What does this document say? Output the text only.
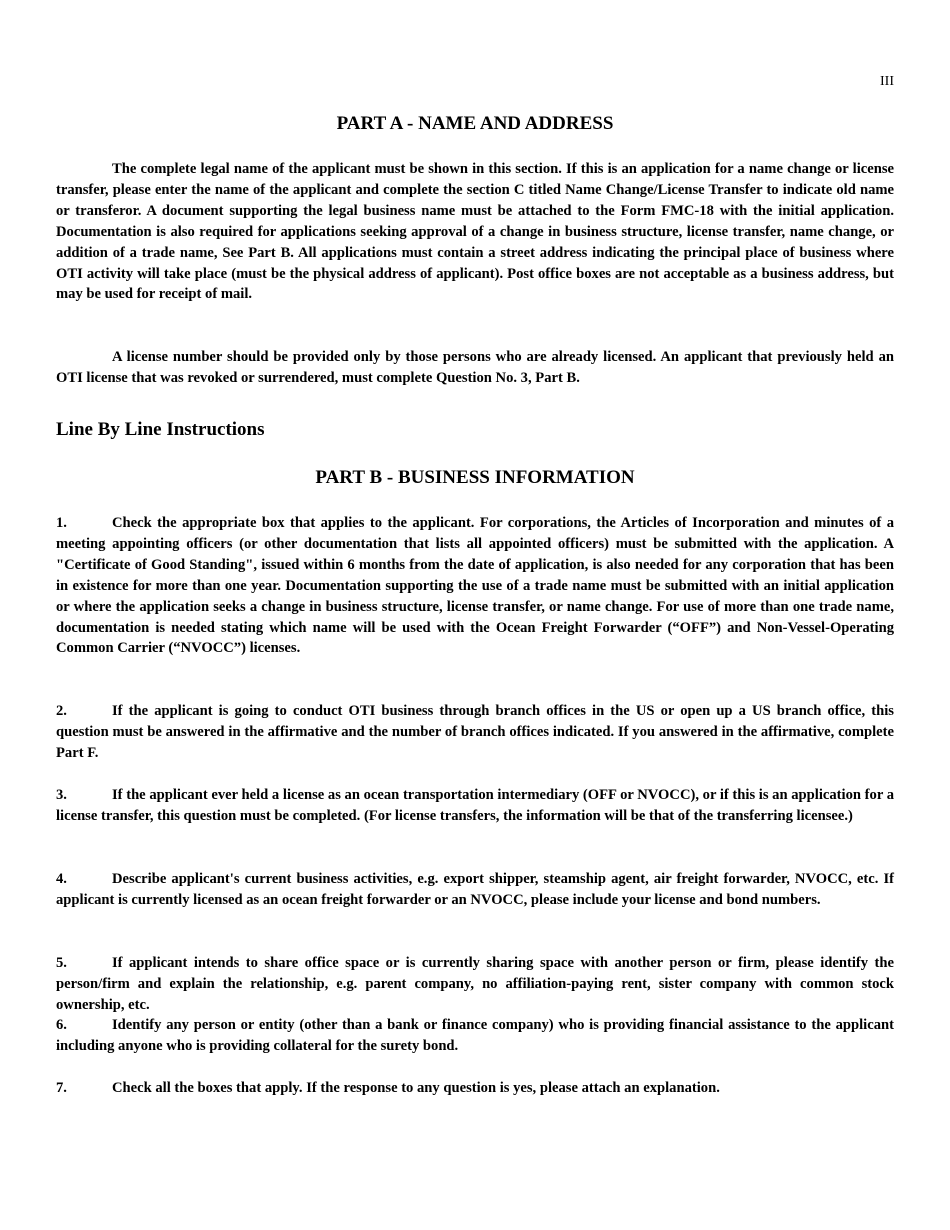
III
PART A - NAME AND ADDRESS

The complete legal name of the applicant must be shown in this section. If this is an application for a name change or license transfer, please enter the name of the applicant and complete the section C titled Name Change/License Transfer to indicate old name or transferor. A document supporting the legal business name must be attached to the Form FMC-18 with the initial application. Documentation is also required for applications seeking approval of a change in business structure, license transfer, name change, or addition of a trade name, See Part B. All applications must contain a street address indicating the principal place of business where OTI activity will take place (must be the physical address of applicant). Post office boxes are not acceptable as a business address, but may be used for receipt of mail.

A license number should be provided only by those persons who are already licensed. An applicant that previously held an OTI license that was revoked or surrendered, must complete Question No. 3, Part B.

Line By Line Instructions
PART B - BUSINESS INFORMATION

1.	Check the appropriate box that applies to the applicant. For corporations, the Articles of Incorporation and minutes of a meeting appointing officers (or other documentation that lists all appointed officers) must be submitted with the application. A "Certificate of Good Standing", issued within 6 months from the date of application, is also needed for any corporation that has been in existence for more than one year. Documentation supporting the use of a trade name must be submitted with an initial application or where the application seeks a change in business structure, license transfer, or name change. For use of more than one trade name, documentation is needed stating which name will be used with the Ocean Freight Forwarder (“OFF”) and Non-Vessel-Operating Common Carrier (“NVOCC”) licenses.

2.	If the applicant is going to conduct OTI business through branch offices in the US or open up a US branch office, this question must be answered in the affirmative and the number of branch offices indicated. If you answered in the affirmative, complete Part F.

3.	If the applicant ever held a license as an ocean transportation intermediary (OFF or NVOCC), or if this is an application for a license transfer, this question must be completed. (For license transfers, the information will be that of the transferring licensee.)

4.	Describe applicant's current business activities, e.g. export shipper, steamship agent, air freight forwarder, NVOCC, etc. If applicant is currently licensed as an ocean freight forwarder or an NVOCC, please include your license and bond numbers.

5.	If applicant intends to share office space or is currently sharing space with another person or firm, please identify the person/firm and explain the relationship, e.g. parent company, no affiliation-paying rent, sister company with common stock ownership, etc.

6.	Identify any person or entity (other than a bank or finance company) who is providing financial assistance to the applicant including anyone who is providing collateral for the surety bond.

7.	Check all the boxes that apply. If the response to any question is yes, please attach an explanation.
